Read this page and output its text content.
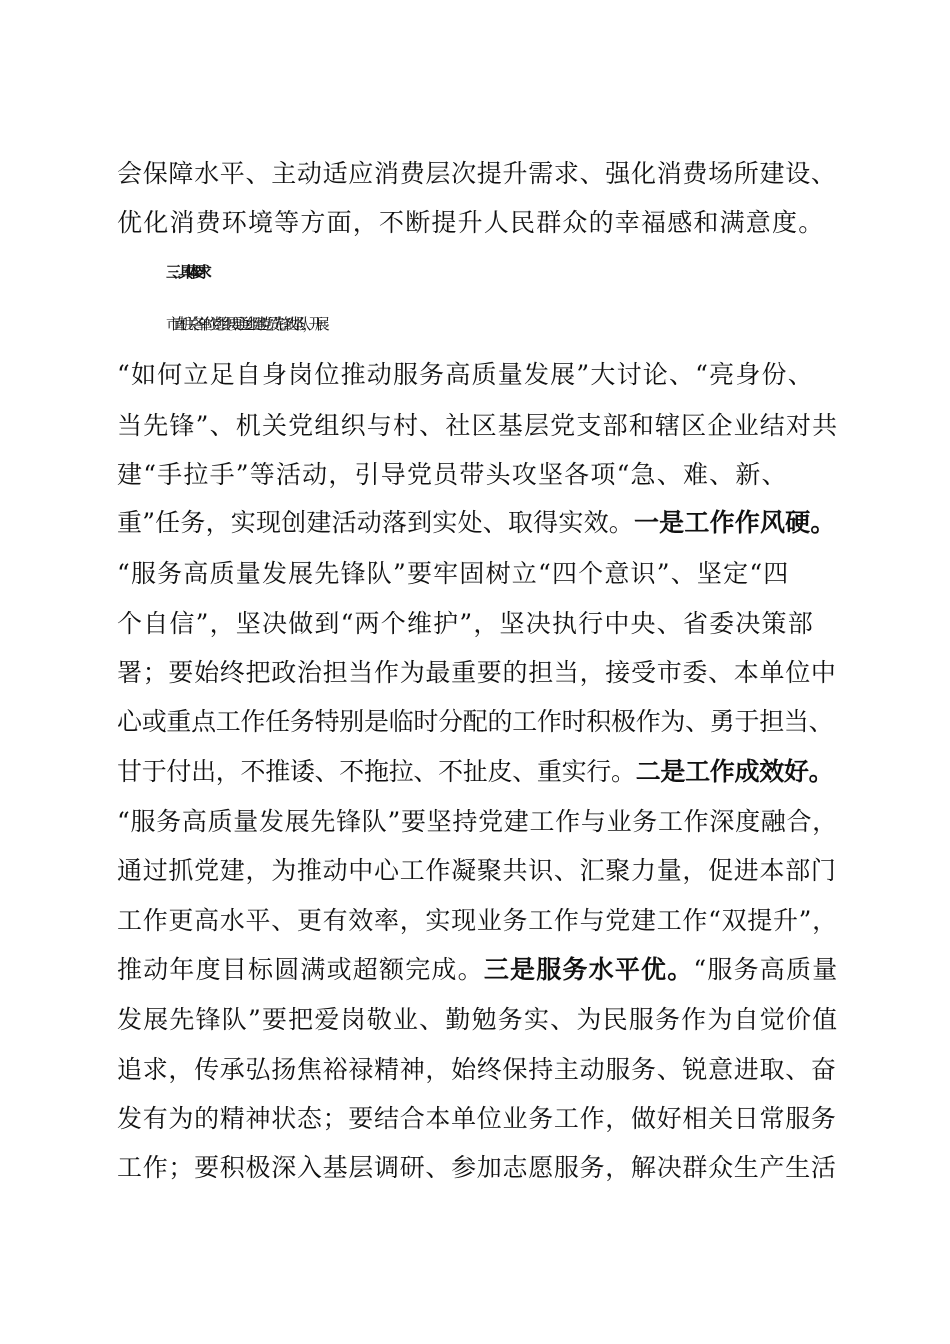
会保障水平、主动适应消费层次提升需求、强化消费场所建设、
优化消费环境等方面，不断提升人民群众的幸福感和满意度。
三、具体要求
市直机关各单位党组织要通过组建党员先锋攻坚队，开展
“如何立足自身岗位推动服务高质量发展”大讨论、“亮身份、
当先锋”、机关党组织与村、社区基层党支部和辖区企业结对共
建“手拉手”等活动，引导党员带头攻坚各项“急、难、新、
重”任务，实现创建活动落到实处、取得实效。一是工作作风硬。
“服务高质量发展先锋队”要牢固树立“四个意识”、坚定“四
个自信”，坚决做到“两个维护”，坚决执行中央、省委决策部
署；要始终把政治担当作为最重要的担当，接受市委、本单位中
心或重点工作任务特别是临时分配的工作时积极作为、勇于担当、
甘于付出，不推诿、不拖拉、不扯皮、重实行。二是工作成效好。
“服务高质量发展先锋队”要坚持党建工作与业务工作深度融合，
通过抓党建，为推动中心工作凝聚共识、汇聚力量，促进本部门
工作更高水平、更有效率，实现业务工作与党建工作“双提升”，
推动年度目标圆满或超额完成。三是服务水平优。“服务高质量
发展先锋队”要把爱岗敬业、勤勉务实、为民服务作为自觉价值
追求，传承弘扬焦裕禄精神，始终保持主动服务、锐意进取、奋
发有为的精神状态；要结合本单位业务工作，做好相关日常服务
工作；要积极深入基层调研、参加志愿服务，解决群众生产生活
